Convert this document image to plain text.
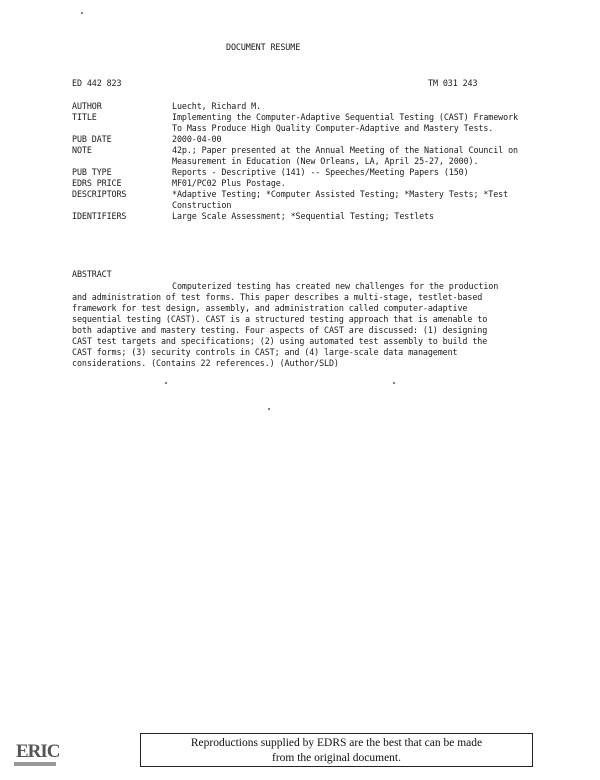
DOCUMENT RESUME
ED 442 823	TM 031 243
AUTHOR	Luecht, Richard M.
TITLE	Implementing the Computer-Adaptive Sequential Testing (CAST) Framework To Mass Produce High Quality Computer-Adaptive and Mastery Tests.
PUB DATE	2000-04-00
NOTE	42p.; Paper presented at the Annual Meeting of the National Council on Measurement in Education (New Orleans, LA, April 25-27, 2000).
PUB TYPE	Reports - Descriptive (141) -- Speeches/Meeting Papers (150)
EDRS PRICE	MF01/PC02 Plus Postage.
DESCRIPTORS	*Adaptive Testing; *Computer Assisted Testing; *Mastery Tests; *Test Construction
IDENTIFIERS	Large Scale Assessment; *Sequential Testing; Testlets
ABSTRACT
Computerized testing has created new challenges for the production and administration of test forms. This paper describes a multi-stage, testlet-based framework for test design, assembly, and administration called computer-adaptive sequential testing (CAST). CAST is a structured testing approach that is amenable to both adaptive and mastery testing. Four aspects of CAST are discussed: (1) designing CAST test targets and specifications; (2) using automated test assembly to build the CAST forms; (3) security controls in CAST; and (4) large-scale data management considerations. (Contains 22 references.) (Author/SLD)
ERIC	Reproductions supplied by EDRS are the best that can be made
from the original document.
